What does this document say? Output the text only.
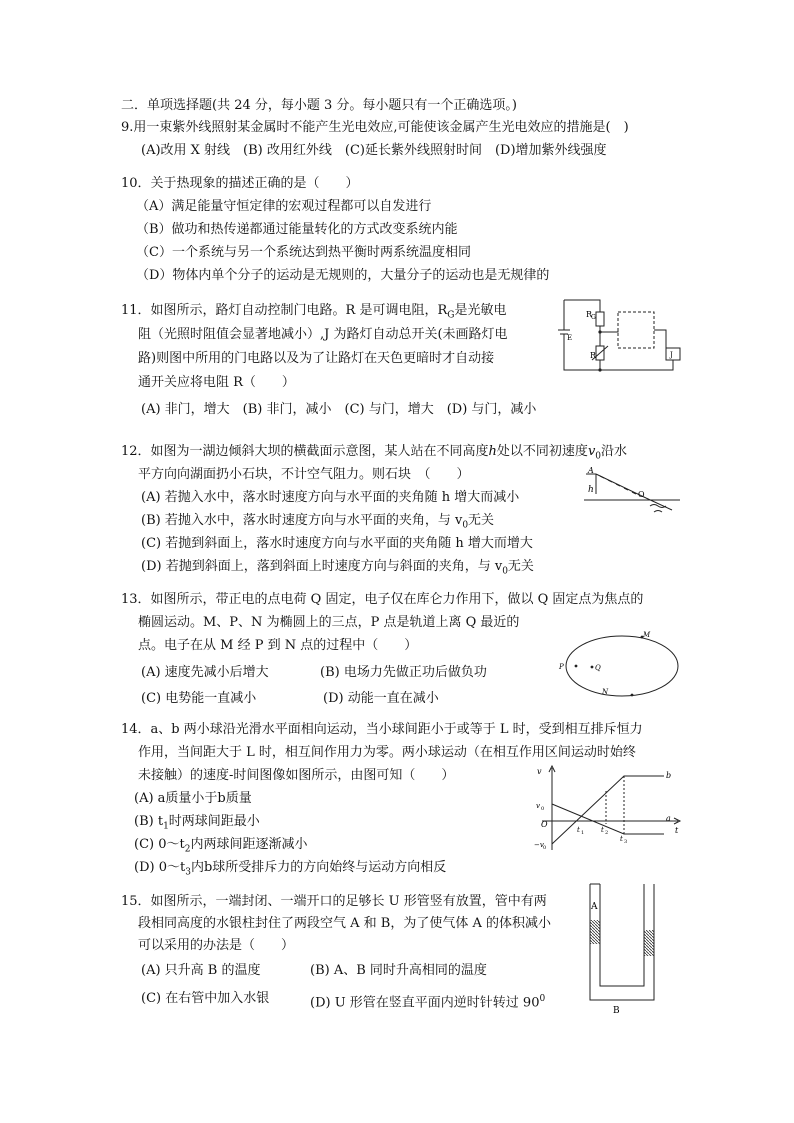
二．单项选择题(共 24 分，每小题 3 分。每小题只有一个正确选项。)
9.用一束紫外线照射某金属时不能产生光电效应,可能使该金属产生光电效应的措施是(　)
(A)改用 X 射线　(B) 改用红外线　(C)延长紫外线照射时间　(D)增加紫外线强度
10．关于热现象的描述正确的是（　　）
（A）满足能量守恒定律的宏观过程都可以自发进行
（B）做功和热传递都通过能量转化的方式改变系统内能
（C）一个系统与另一个系统达到热平衡时两系统温度相同
（D）物体内单个分子的运动是无规则的，大量分子的运动也是无规律的
11．如图所示，路灯自动控制门电路。R 是可调电阻，$R_G$是光敏电
阻（光照时阻值会显著地减小）,J 为路灯自动总开关(未画路灯电
路)则图中所用的门电路以及为了让路灯在天色更暗时才自动接
通开关应将电阻 R（　　）
(A) 非门，增大　(B) 非门，减小　(C) 与门，增大　(D) 与门，减小
R
G
R
E
J
12．如图为一湖边倾斜大坝的横截面示意图，某人站在不同高度h处以不同初速度$v_0$沿水
平方向向湖面扔小石块，不计空气阻力。则石块　（　　）
(A) 若抛入水中，落水时速度方向与水平面的夹角随 h 增大而减小
(B) 若抛入水中，落水时速度方向与水平面的夹角，与 $v_0$无关
(C) 若抛到斜面上，落水时速度方向与水平面的夹角随 h 增大而增大
(D) 若抛到斜面上，落到斜面上时速度方向与斜面的夹角，与 $v_0$无关
A
h	O
13．如图所示，带正电的点电荷 Q 固定，电子仅在库仑力作用下，做以 Q 固定点为焦点的
椭圆运动。M、P、N 为椭圆上的三点，P 点是轨道上离 Q 最近的
点。电子在从 M 经 P 到 N 点的过程中（　　）
(A) 速度先减小后增大	(B) 电场力先做正功后做负功
(C) 电势能一直减小	(D) 动能一直在减小
M
P	Q
N
14．a、b 两小球沿光滑水平面相向运动，当小球间距小于或等于 L 时，受到相互排斥恒力
作用，当间距大于 L 时，相互间作用力为零。两小球运动（在相互作用区间运动时始终
未接触）的速度-时间图像如图所示，由图可知（　　）
(A) a质量小于b质量
(B) $t_1$时两球间距最小
(C) $0\sim t_2$内两球间距逐渐减小
(D) $0\sim t_3$内b球所受排斥力的方向始终与运动方向相反
v
v 0
−v 0
O
t
t 1 t 2
t 3
a
b
15．如图所示，一端封闭、一端开口的足够长 U 形管竖有放置，管中有两
段相同高度的水银柱封住了两段空气 A 和 B，为了使气体 A 的体积减小
可以采用的办法是（　　）
(A) 只升高 B 的温度	(B) A、B 同时升高相同的温度
(C) 在右管中加入水银	(D) U 形管在竖直平面内逆时针转过 $90^0$
A
B
